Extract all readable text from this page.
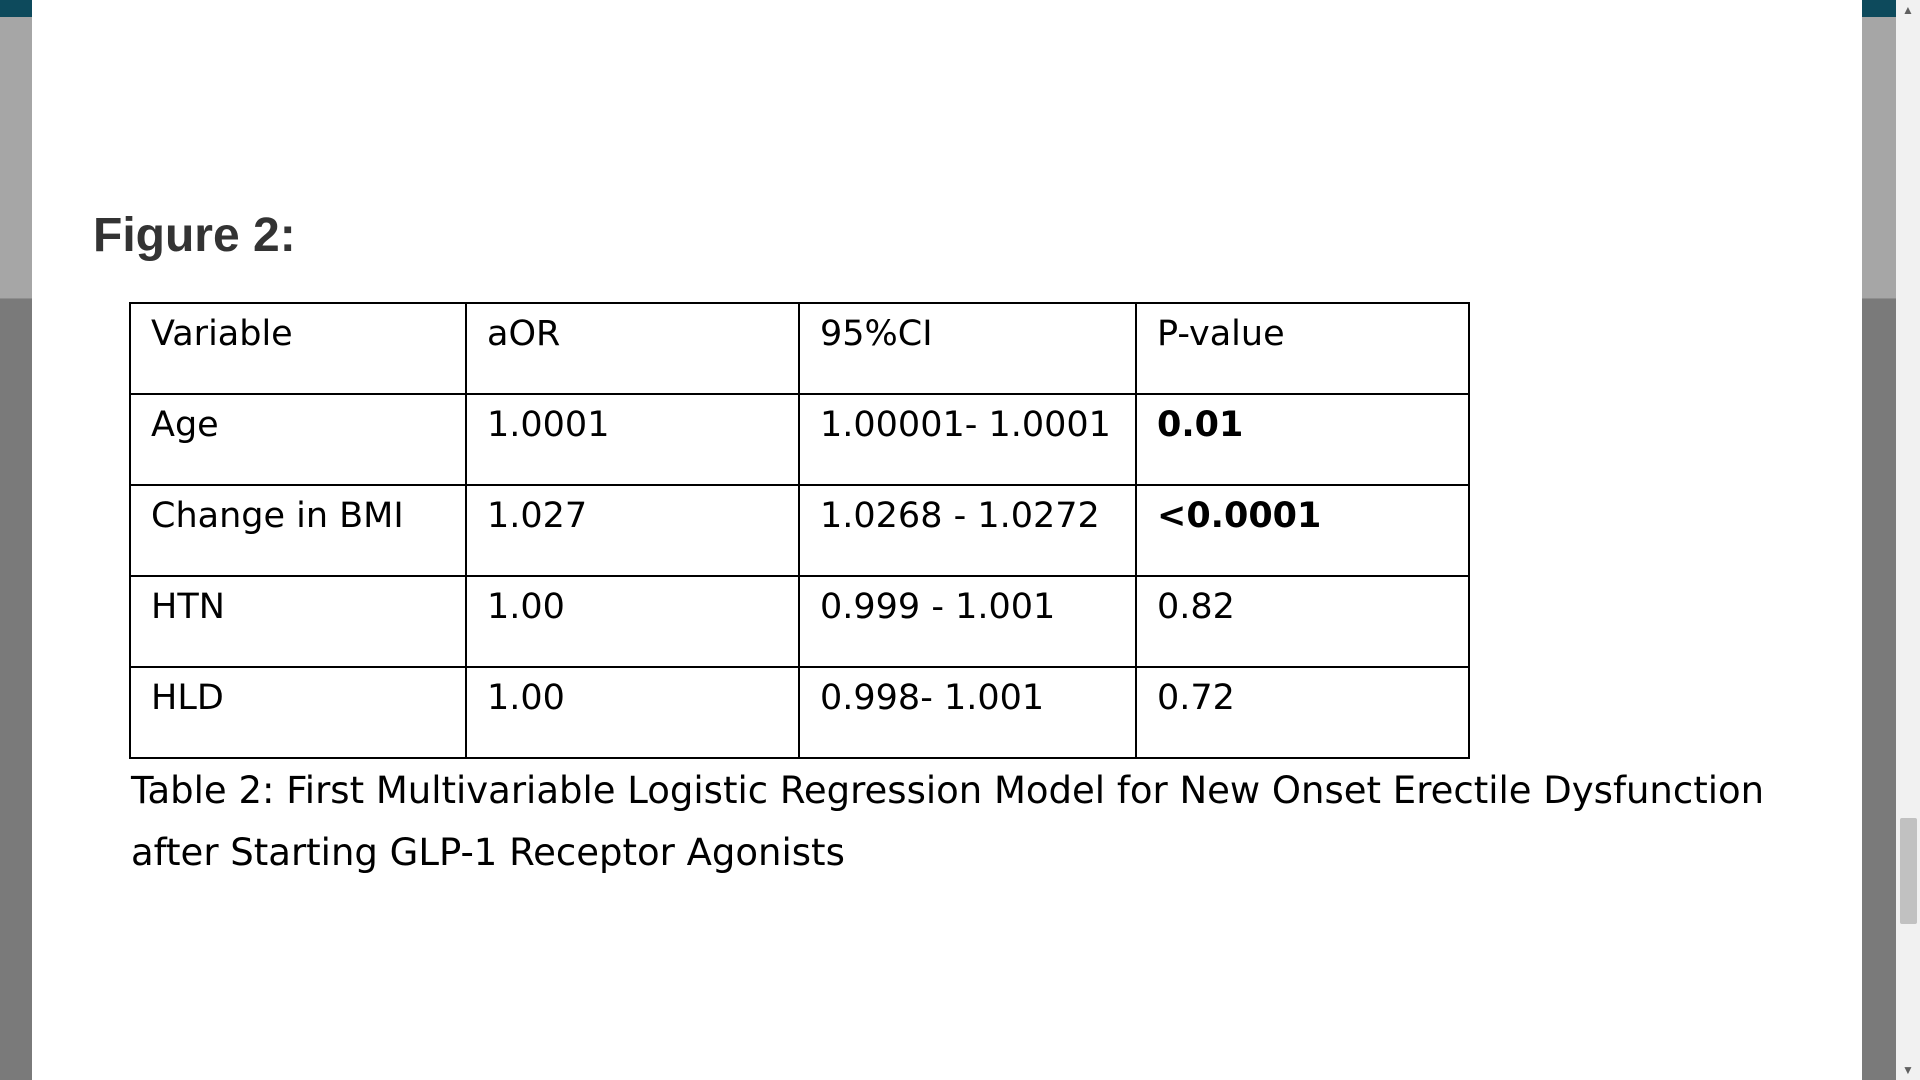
Figure 2:
Variable	aOR	95%CI	P-value
Age	1.0001	1.00001- 1.0001	0.01
Change in BMI	1.027	1.0268 - 1.0272	<0.0001
HTN	1.00	0.999 - 1.001	0.82
HLD	1.00	0.998- 1.001	0.72

Table 2: First Multivariable Logistic Regression Model for New Onset Erectile Dysfunction after Starting GLP-1 Receptor Agonists

▲
▼
